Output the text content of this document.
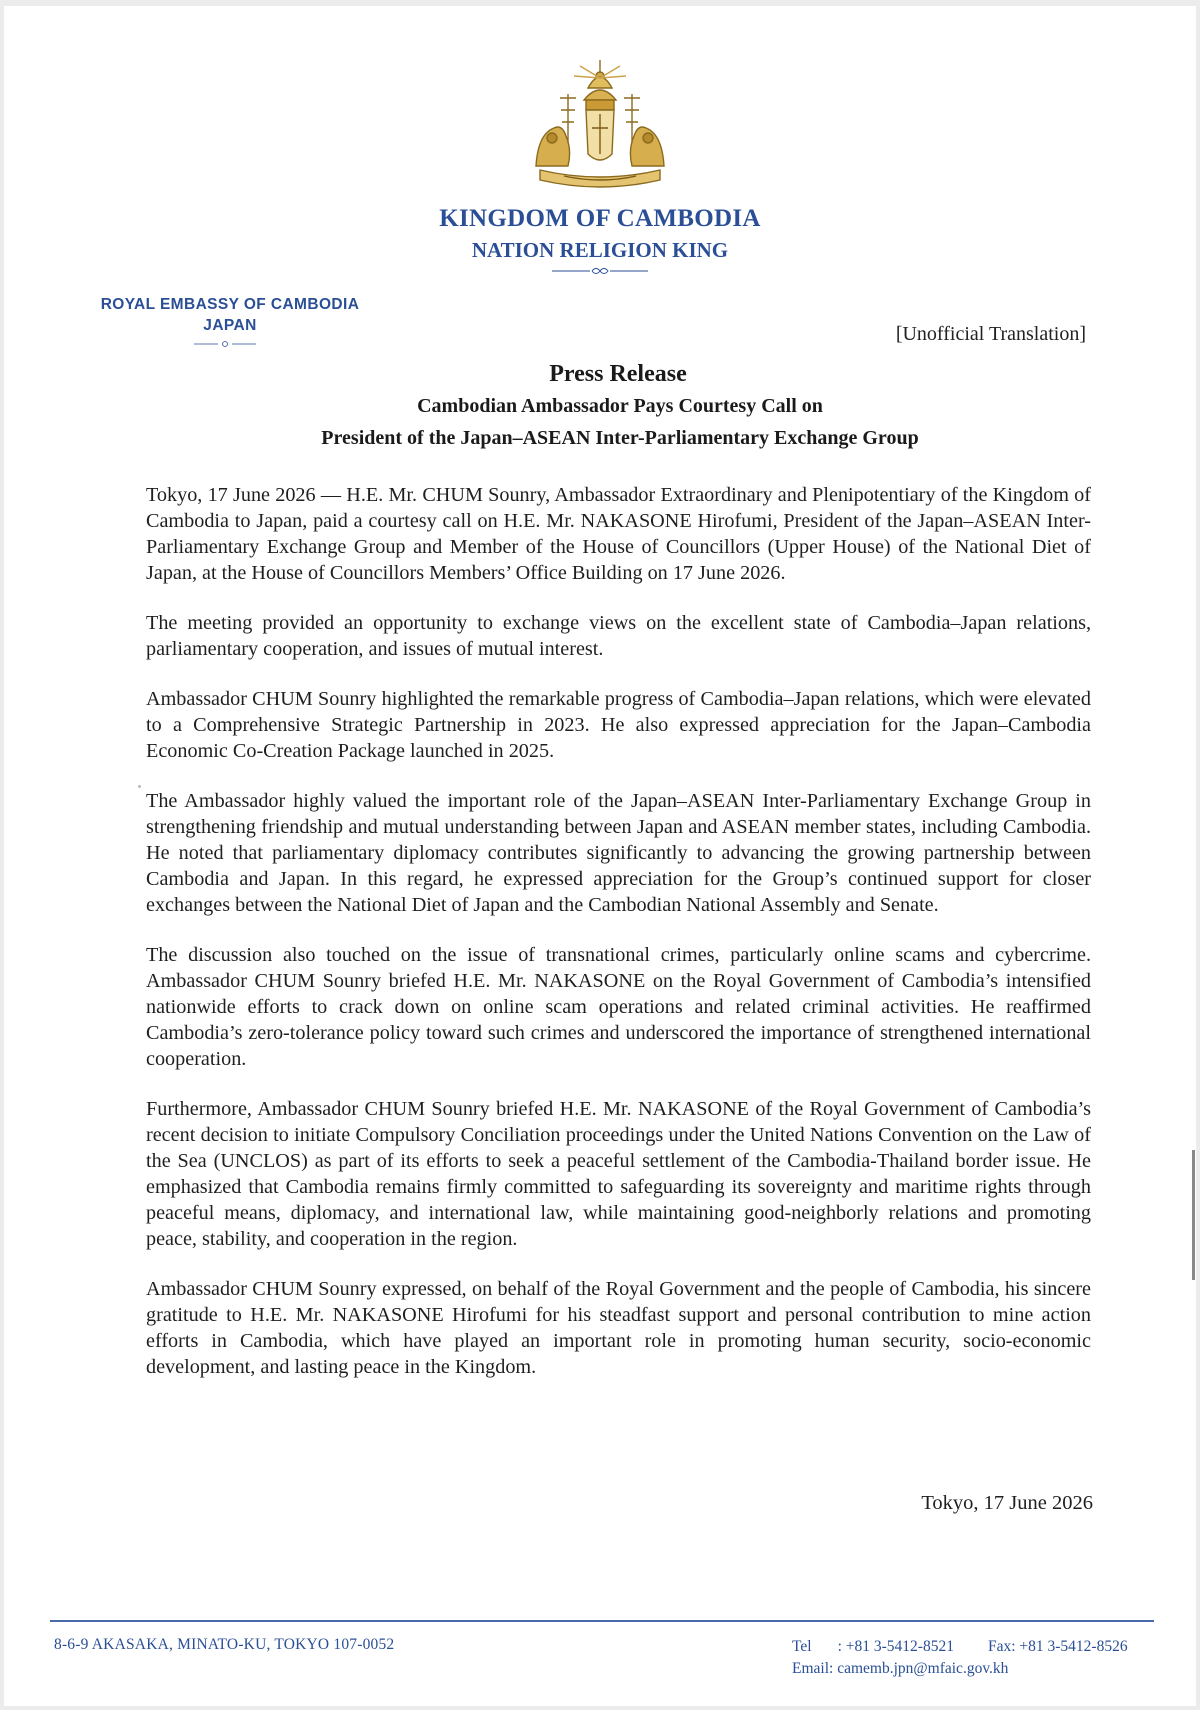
KINGDOM OF CAMBODIA
NATION RELIGION KING
ROYAL EMBASSY OF CAMBODIA
JAPAN	[Unofficial Translation]
Press Release
Cambodian Ambassador Pays Courtesy Call on
President of the Japan–ASEAN Inter-Parliamentary Exchange Group

Tokyo, 17 June 2026 — H.E. Mr. CHUM Sounry, Ambassador Extraordinary and Plenipotentiary of the Kingdom of Cambodia to Japan, paid a courtesy call on H.E. Mr. NAKASONE Hirofumi, President of the Japan–ASEAN Inter-Parliamentary Exchange Group and Member of the House of Councillors (Upper House) of the National Diet of Japan, at the House of Councillors Members’ Office Building on 17 June 2026.

The meeting provided an opportunity to exchange views on the excellent state of Cambodia–Japan relations, parliamentary cooperation, and issues of mutual interest.

Ambassador CHUM Sounry highlighted the remarkable progress of Cambodia–Japan relations, which were elevated to a Comprehensive Strategic Partnership in 2023. He also expressed appreciation for the Japan–Cambodia Economic Co-Creation Package launched in 2025.

The Ambassador highly valued the important role of the Japan–ASEAN Inter-Parliamentary Exchange Group in strengthening friendship and mutual understanding between Japan and ASEAN member states, including Cambodia. He noted that parliamentary diplomacy contributes significantly to advancing the growing partnership between Cambodia and Japan. In this regard, he expressed appreciation for the Group’s continued support for closer exchanges between the National Diet of Japan and the Cambodian National Assembly and Senate.

The discussion also touched on the issue of transnational crimes, particularly online scams and cybercrime. Ambassador CHUM Sounry briefed H.E. Mr. NAKASONE on the Royal Government of Cambodia’s intensified nationwide efforts to crack down on online scam operations and related criminal activities. He reaffirmed Cambodia’s zero-tolerance policy toward such crimes and underscored the importance of strengthened international cooperation.

Furthermore, Ambassador CHUM Sounry briefed H.E. Mr. NAKASONE of the Royal Government of Cambodia’s recent decision to initiate Compulsory Conciliation proceedings under the United Nations Convention on the Law of the Sea (UNCLOS) as part of its efforts to seek a peaceful settlement of the Cambodia-Thailand border issue. He emphasized that Cambodia remains firmly committed to safeguarding its sovereignty and maritime rights through peaceful means, diplomacy, and international law, while maintaining good-neighborly relations and promoting peace, stability, and cooperation in the region.

Ambassador CHUM Sounry expressed, on behalf of the Royal Government and the people of Cambodia, his sincere gratitude to H.E. Mr. NAKASONE Hirofumi for his steadfast support and personal contribution to mine action efforts in Cambodia, which have played an important role in promoting human security, socio-economic development, and lasting peace in the Kingdom.

Tokyo, 17 June 2026
8-6-9 AKASAKA, MINATO-KU, TOKYO 107-0052	Tel : +81 3-5412-8521 Fax: +81 3-5412-8526
Email: camemb.jpn@mfaic.gov.kh
